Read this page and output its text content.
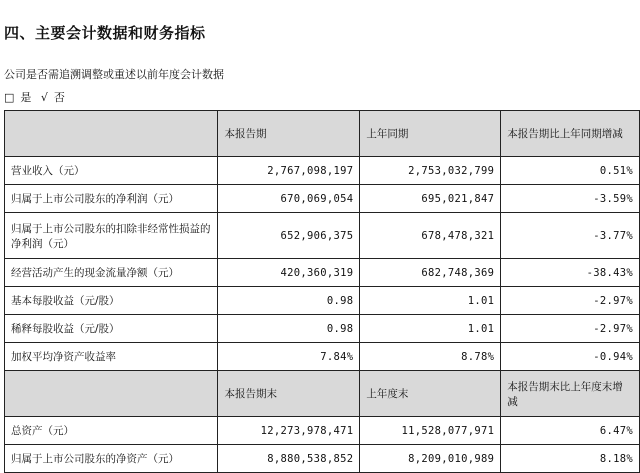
四、主要会计数据和财务指标
公司是否需追溯调整或重述以前年度会计数据
□ 是 √ 否
	本报告期	上年同期	本报告期比上年同期增减
营业收入（元）	2,767,098,197	2,753,032,799	0.51%
归属于上市公司股东的净利润（元）	670,069,054	695,021,847	-3.59%
归属于上市公司股东的扣除非经常性损益的净利润（元）	652,906,375	678,478,321	-3.77%
经营活动产生的现金流量净额（元）	420,360,319	682,748,369	-38.43%
基本每股收益（元/股）	0.98	1.01	-2.97%
稀释每股收益（元/股）	0.98	1.01	-2.97%
加权平均净资产收益率	7.84%	8.78%	-0.94%
	本报告期末	上年度末	本报告期末比上年度末增减
总资产（元）	12,273,978,471	11,528,077,971	6.47%
归属于上市公司股东的净资产（元）	8,880,538,852	8,209,010,989	8.18%
